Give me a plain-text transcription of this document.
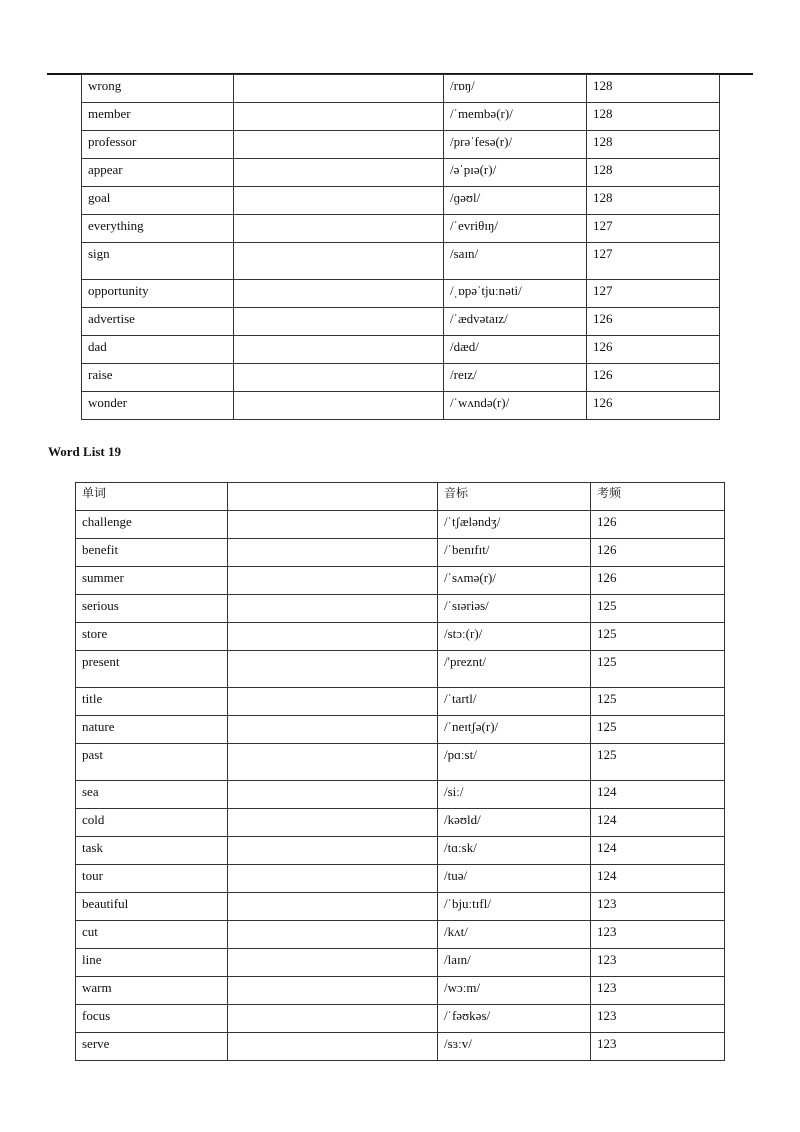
wrong		/rɒŋ/	128
member		/ˈmembə(r)/	128
professor		/prəˈfesə(r)/	128
appear		/əˈpɪə(r)/	128
goal		/ɡəʊl/	128
everything		/ˈevriθɪŋ/	127
sign		/saɪn/	127
opportunity		/ˌɒpəˈtjuːnəti/	127
advertise		/ˈædvətaɪz/	126
dad		/dæd/	126
raise		/reɪz/	126
wonder		/ˈwʌndə(r)/	126
Word List 19
单词		音标	考频
challenge		/ˈtʃæləndʒ/	126
benefit		/ˈbenɪfɪt/	126
summer		/ˈsʌmə(r)/	126
serious		/ˈsɪəriəs/	125
store		/stɔː(r)/	125
present		/'preznt/	125
title		/ˈtartl/	125
nature		/ˈneɪtʃə(r)/	125
past		/pɑːst/	125
sea		/siː/	124
cold		/kəʊld/	124
task		/tɑːsk/	124
tour		/tuə/	124
beautiful		/ˈbjuːtɪfl/	123
cut		/kʌt/	123
line		/laɪn/	123
warm		/wɔːm/	123
focus		/ˈfəʊkəs/	123
serve		/sɜːv/	123
